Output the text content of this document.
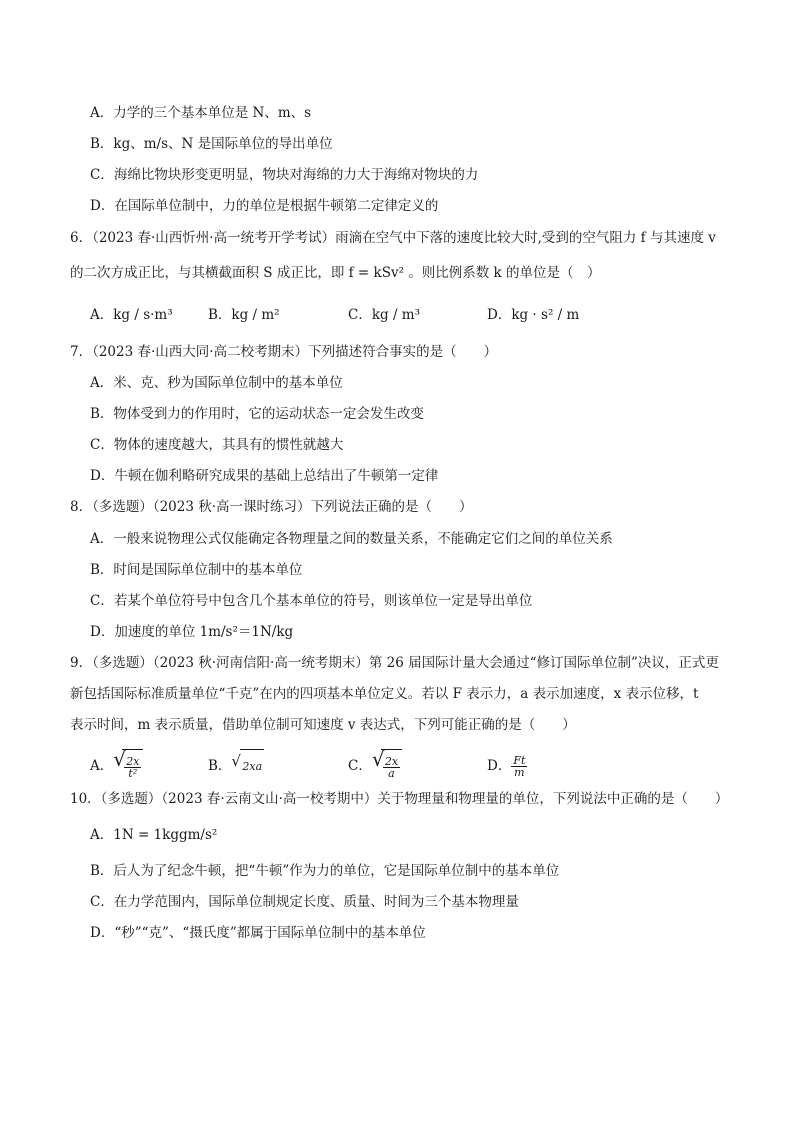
A．力学的三个基本单位是 N、m、s
B．kg、m/s、N 是国际单位的导出单位
C．海绵比物块形变更明显，物块对海绵的力大于海绵对物块的力
D．在国际单位制中，力的单位是根据牛顿第二定律定义的
6．（2023 春·山西忻州·高一统考开学考试）雨滴在空气中下落的速度比较大时,受到的空气阻力 f 与其速度 v
的二次方成正比，与其横截面积 S 成正比，即 f = kSv² 。则比例系数 k 的单位是（　）
A．kg / s·m³	B．kg / m²	C．kg / m³	D．kg · s² / m
7．（2023 春·山西大同·高二校考期末）下列描述符合事实的是（　　）
A．米、克、秒为国际单位制中的基本单位
B．物体受到力的作用时，它的运动状态一定会发生改变
C．物体的速度越大，其具有的惯性就越大
D．牛顿在伽利略研究成果的基础上总结出了牛顿第一定律
8．（多选题）（2023 秋·高一课时练习）下列说法正确的是（　　）
A．一般来说物理公式仅能确定各物理量之间的数量关系，不能确定它们之间的单位关系
B．时间是国际单位制中的基本单位
C．若某个单位符号中包含几个基本单位的符号，则该单位一定是导出单位
D．加速度的单位 1m/s²＝1N/kg
9．（多选题）（2023 秋·河南信阳·高一统考期末）第 26 届国际计量大会通过“修订国际单位制”决议，正式更
新包括国际标准质量单位“千克”在内的四项基本单位定义。若以 F 表示力，a 表示加速度，x 表示位移，t
表示时间，m 表示质量，借助单位制可知速度 v 表达式，下列可能正确的是（　　）
A． √
$\frac{2x}{\text{t²}}$	B． √ 2xa	C． √
$\frac{2x}{a}$	D． $\frac{Ft}{m}$
10．（多选题）（2023 春·云南文山·高一校考期中）关于物理量和物理量的单位，下列说法中正确的是（　　）
A．1N = 1kggm/s²
B．后人为了纪念牛顿，把“牛顿”作为力的单位，它是国际单位制中的基本单位
C．在力学范围内，国际单位制规定长度、质量、时间为三个基本物理量
D．“秒”“克”、“摄氏度”都属于国际单位制中的基本单位
